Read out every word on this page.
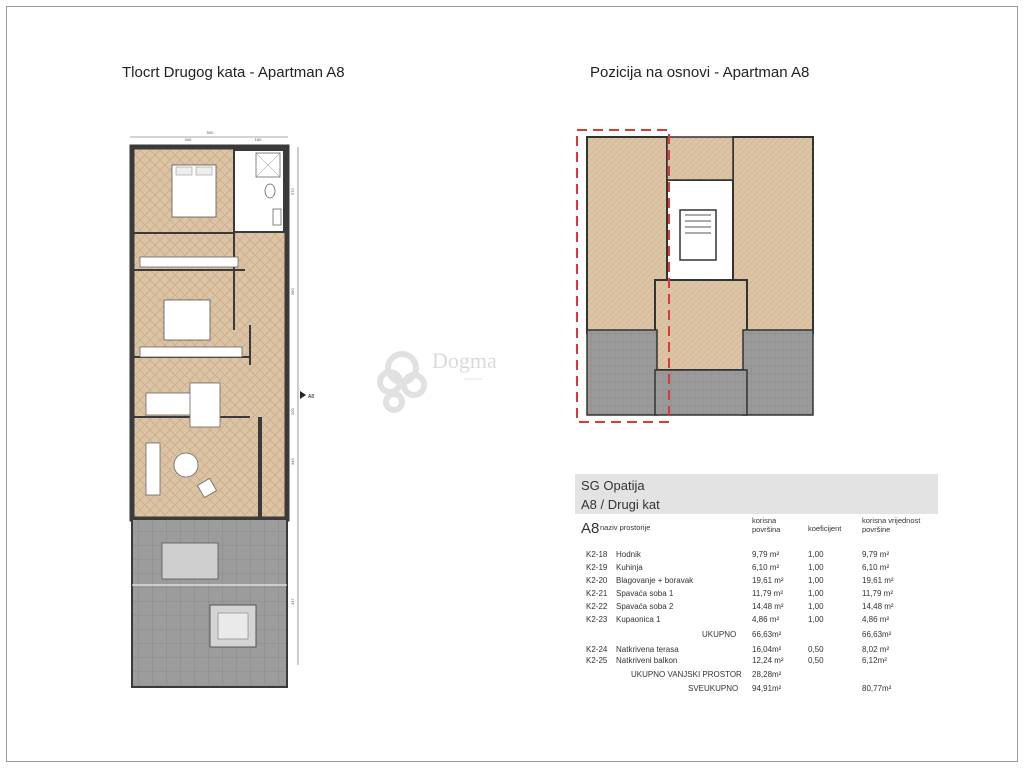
Tlocrt Drugog kata - Apartman A8	Pozicija na osnovi - Apartman A8
500
340	160
570
360
200
345
347
A8
Dogma
nekretnine
SG Opatija
A8 / Drugi kat
A8 naziv prostorije
korisna
površina	koeficijent
korisna vrijednost
površine
K2-18 Hodnik	9,79 m²	1,00	9,79 m²
K2-19 Kuhinja	6,10 m²	1,00	6,10 m²
K2-20 Blagovanje + boravak	19,61 m²	1,00	19,61 m²
K2-21 Spavaća soba 1	11,79 m²	1,00	11,79 m²
K2-22 Spavaća soba 2	14,48 m²	1,00	14,48 m²
K2-23 Kupaonica 1	4,86 m²	1,00	4,86 m²
UKUPNO 66,63m²	66,63m²
K2-24 Natkrivena terasa	16,04m²	0,50	8,02 m²
K2-25 Natkriveni balkon	12,24 m²	0,50	6,12m²
UKUPNO VANJSKI PROSTOR 28,28m²
SVEUKUPNO 94,91m²	80,77m²
